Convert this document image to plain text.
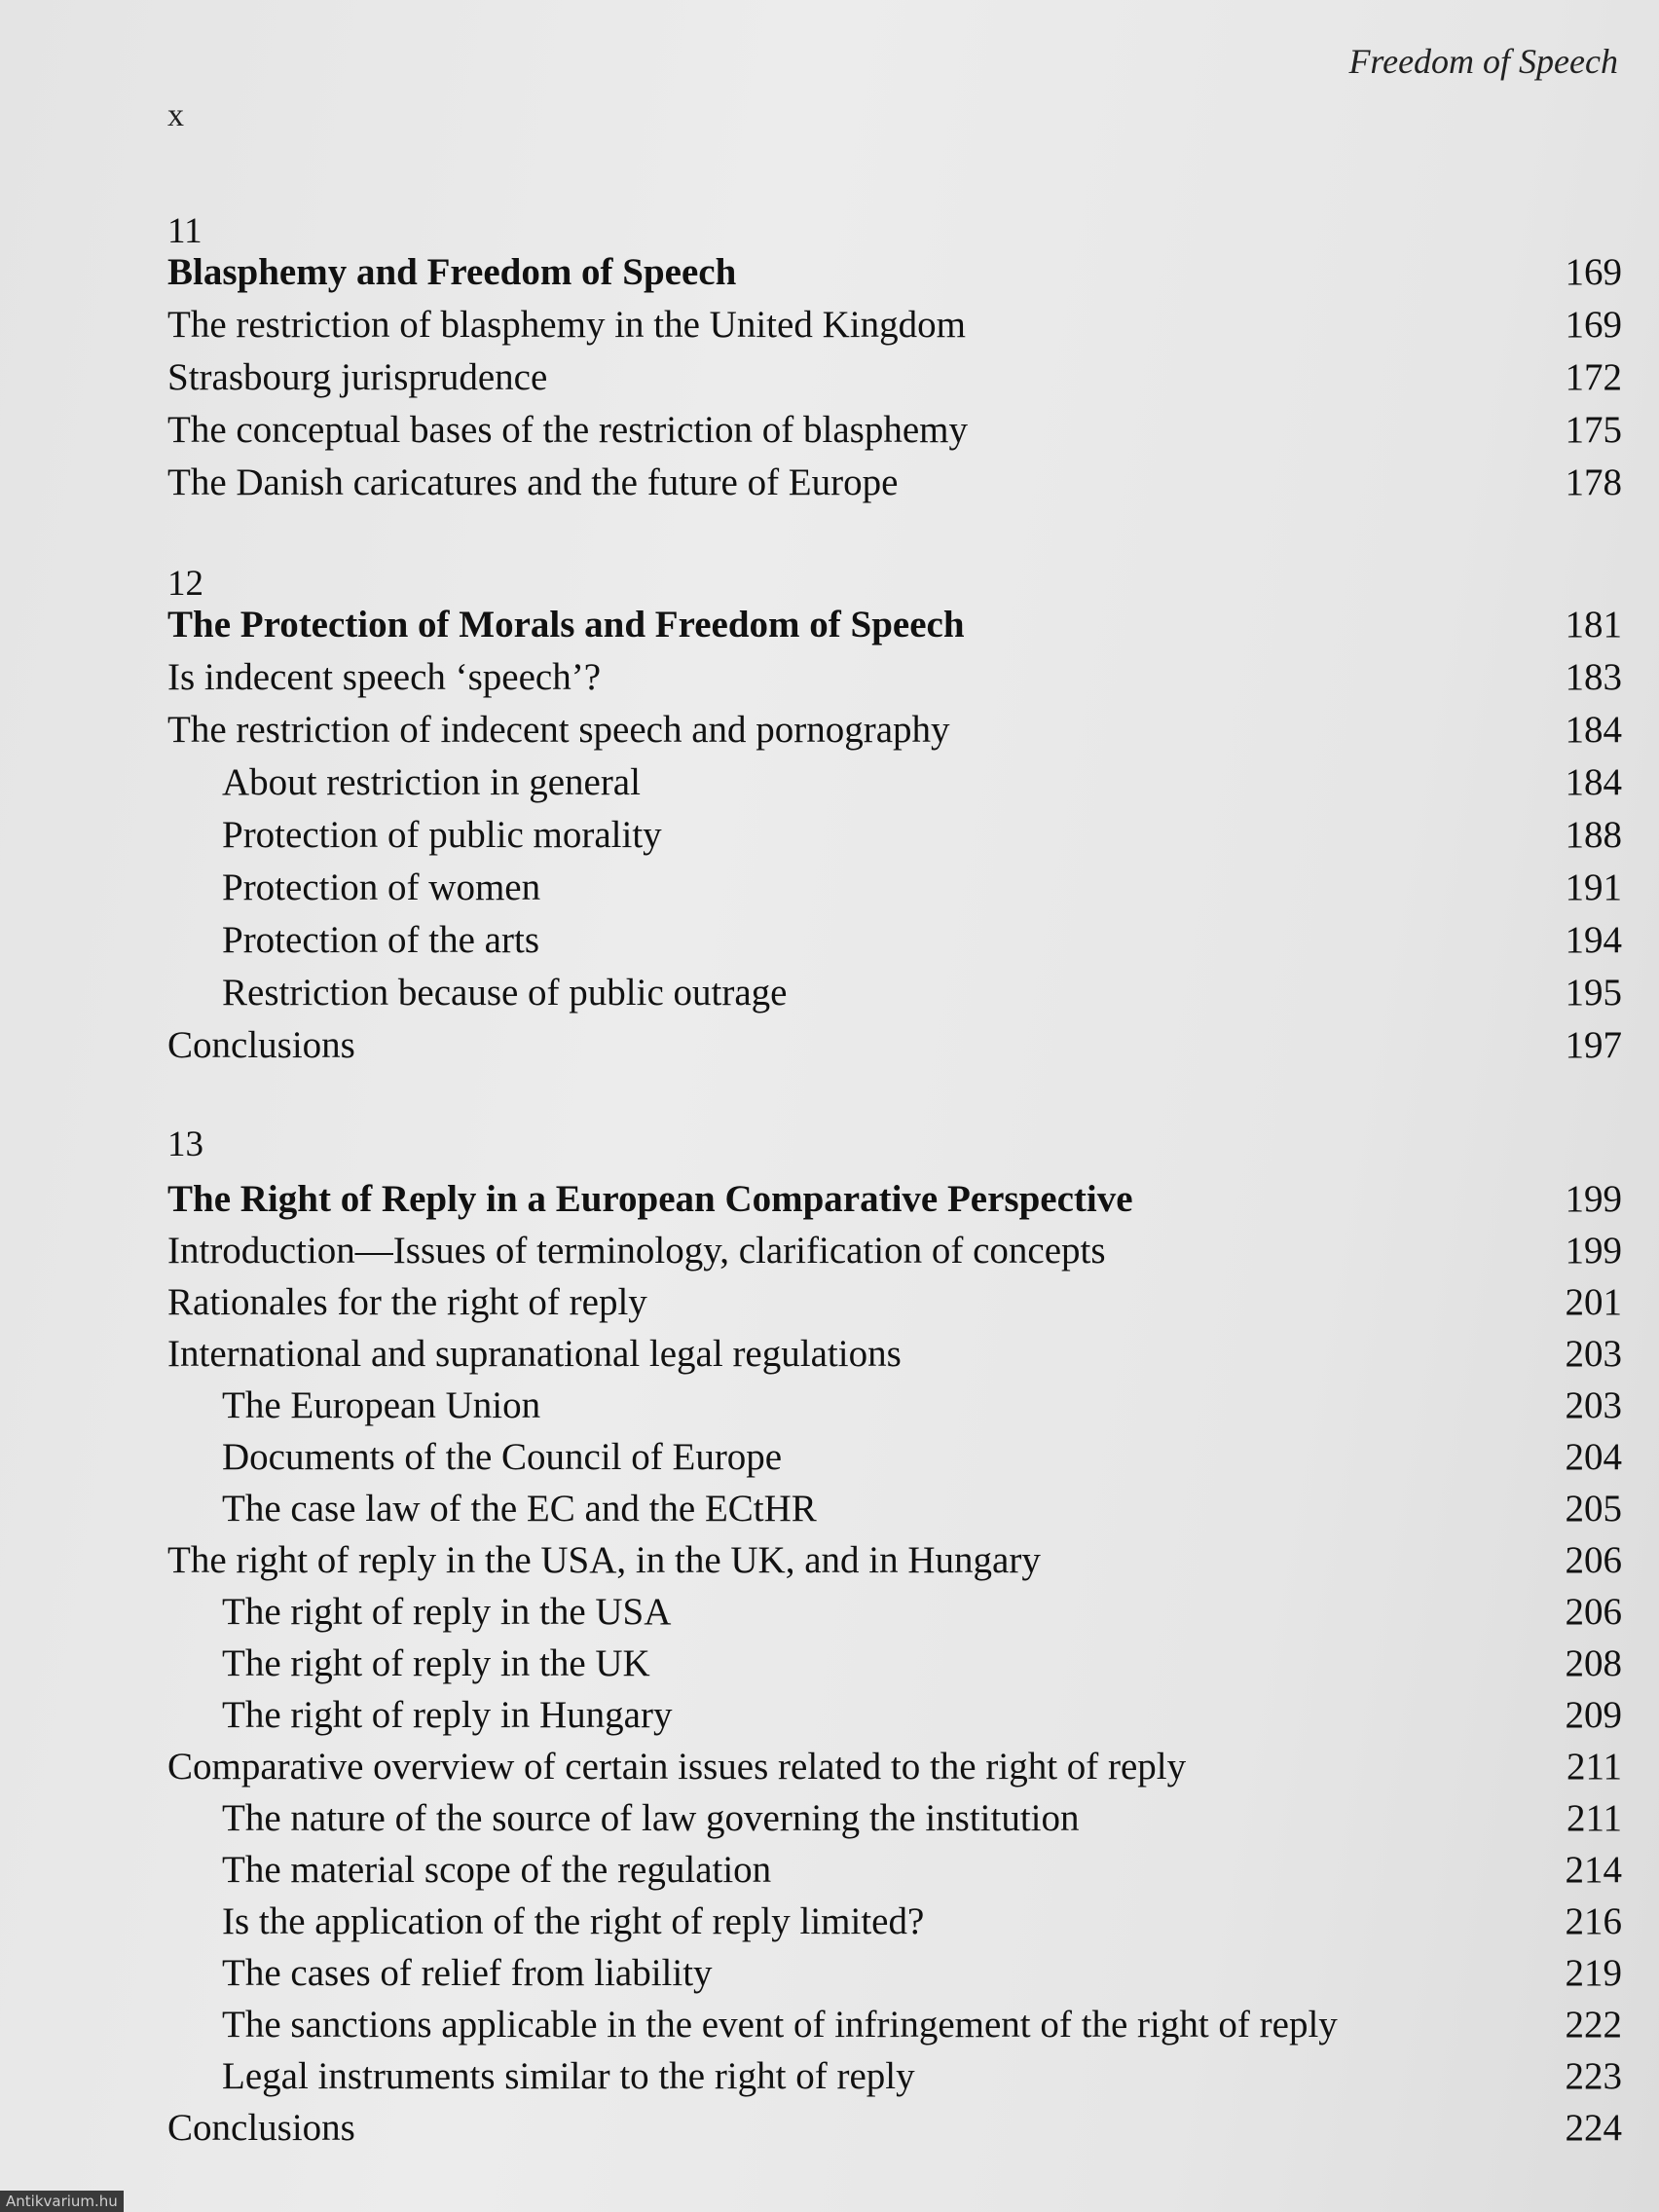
Freedom of Speech
x
11
Blasphemy and Freedom of Speech	169
The restriction of blasphemy in the United Kingdom	169
Strasbourg jurisprudence	172
The conceptual bases of the restriction of blasphemy	175
The Danish caricatures and the future of Europe	178
12
The Protection of Morals and Freedom of Speech	181
Is indecent speech ‘speech’?	183
The restriction of indecent speech and pornography	184
About restriction in general	184
Protection of public morality	188
Protection of women	191
Protection of the arts	194
Restriction because of public outrage	195
Conclusions	197
13
The Right of Reply in a European Comparative Perspective	199
Introduction—Issues of terminology, clarification of concepts	199
Rationales for the right of reply	201
International and supranational legal regulations	203
The European Union	203
Documents of the Council of Europe	204
The case law of the EC and the ECtHR	205
The right of reply in the USA, in the UK, and in Hungary	206
The right of reply in the USA	206
The right of reply in the UK	208
The right of reply in Hungary	209
Comparative overview of certain issues related to the right of reply	211
The nature of the source of law governing the institution	211
The material scope of the regulation	214
Is the application of the right of reply limited?	216
The cases of relief from liability	219
The sanctions applicable in the event of infringement of the right of reply	222
Legal instruments similar to the right of reply	223
Conclusions	224
Antikvarium.hu
